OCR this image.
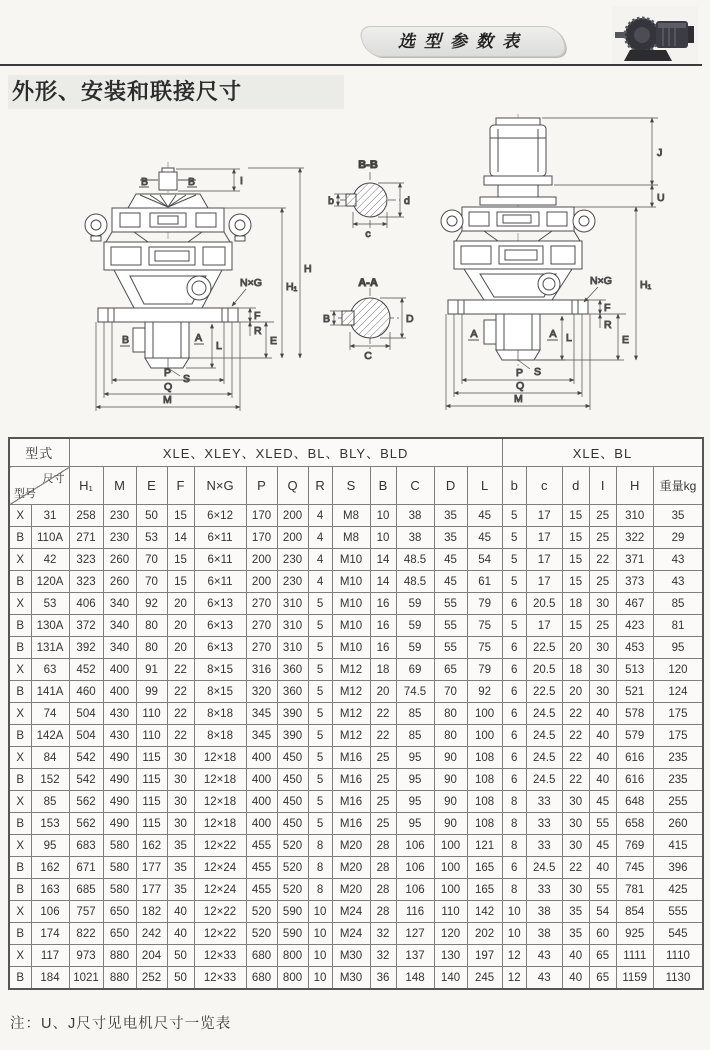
选型参数表
外形、安装和联接尺寸
B	B	I
B	A
L
S
P
Q
M
N×G
F
R
E
H₁
H
B-B
b	d
c
A-A
B	D
C
A	A L
S
P
Q
M
N×G
F
R
E
H₁
J
U
型式		XLE、XLEY、XLED、BL、BLY、BLD													XLE、BL					

尺寸
型号		H₁	M	E	F	N×G	P	Q	R	S	B	C	D	L	b	c	d	I	H	重量kg
X	31	258	230	50	15	6×12	170	200	4	M8	10	38	35	45	5	17	15	25	310	35
B	110A	271	230	53	14	6×11	170	200	4	M8	10	38	35	45	5	17	15	25	322	29
X	42	323	260	70	15	6×11	200	230	4	M10	14	48.5	45	54	5	17	15	22	371	43
B	120A	323	260	70	15	6×11	200	230	4	M10	14	48.5	45	61	5	17	15	25	373	43
X	53	406	340	92	20	6×13	270	310	5	M10	16	59	55	79	6	20.5	18	30	467	85
B	130A	372	340	80	20	6×13	270	310	5	M10	16	59	55	75	5	17	15	25	423	81
B	131A	392	340	80	20	6×13	270	310	5	M10	16	59	55	75	6	22.5	20	30	453	95
X	63	452	400	91	22	8×15	316	360	5	M12	18	69	65	79	6	20.5	18	30	513	120
B	141A	460	400	99	22	8×15	320	360	5	M12	20	74.5	70	92	6	22.5	20	30	521	124
X	74	504	430	110	22	8×18	345	390	5	M12	22	85	80	100	6	24.5	22	40	578	175
B	142A	504	430	110	22	8×18	345	390	5	M12	22	85	80	100	6	24.5	22	40	579	175
X	84	542	490	115	30	12×18	400	450	5	M16	25	95	90	108	6	24.5	22	40	616	235
B	152	542	490	115	30	12×18	400	450	5	M16	25	95	90	108	6	24.5	22	40	616	235
X	85	562	490	115	30	12×18	400	450	5	M16	25	95	90	108	8	33	30	45	648	255
B	153	562	490	115	30	12×18	400	450	5	M16	25	95	90	108	8	33	30	55	658	260
X	95	683	580	162	35	12×22	455	520	8	M20	28	106	100	121	8	33	30	45	769	415
B	162	671	580	177	35	12×24	455	520	8	M20	28	106	100	165	6	24.5	22	40	745	396
B	163	685	580	177	35	12×24	455	520	8	M20	28	106	100	165	8	33	30	55	781	425
X	106	757	650	182	40	12×22	520	590	10	M24	28	116	110	142	10	38	35	54	854	555
B	174	822	650	242	40	12×22	520	590	10	M24	32	127	120	202	10	38	35	60	925	545
X	117	973	880	204	50	12×33	680	800	10	M30	32	137	130	197	12	43	40	65	1111	1110
B	184	1021	880	252	50	12×33	680	800	10	M30	36	148	140	245	12	43	40	65	1159	1130
注：U、J尺寸见电机尺寸一览表
